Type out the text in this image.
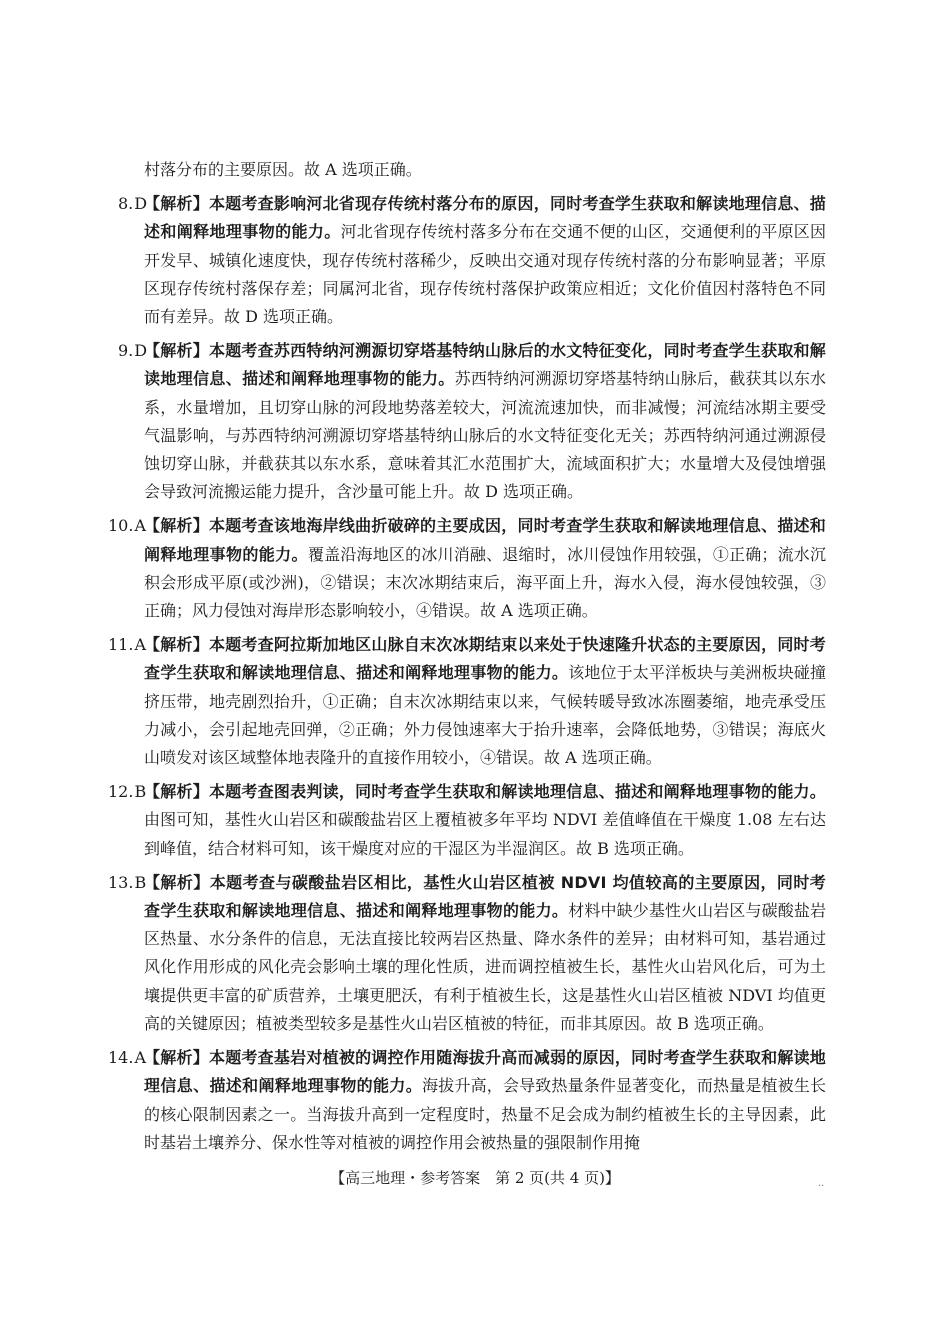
村落分布的主要原因。故 A 选项正确。
8.D
【解析】本题考查影响河北省现存传统村落分布的原因，同时考查学生获取和解读地理信息、描述和阐释地理事物的能力。河北省现存传统村落多分布在交通不便的山区，交通便利的平原区因开发早、城镇化速度快，现存传统村落稀少，反映出交通对现存传统村落的分布影响显著；平原区现存传统村落保存差；同属河北省，现存传统村落保护政策应相近；文化价值因村落特色不同而有差异。故 D 选项正确。
9.D
【解析】本题考查苏西特纳河溯源切穿塔基特纳山脉后的水文特征变化，同时考查学生获取和解读地理信息、描述和阐释地理事物的能力。苏西特纳河溯源切穿塔基特纳山脉后，截获其以东水系，水量增加，且切穿山脉的河段地势落差较大，河流流速加快，而非减慢；河流结冰期主要受气温影响，与苏西特纳河溯源切穿塔基特纳山脉后的水文特征变化无关；苏西特纳河通过溯源侵蚀切穿山脉，并截获其以东水系，意味着其汇水范围扩大，流域面积扩大；水量增大及侵蚀增强会导致河流搬运能力提升，含沙量可能上升。故 D 选项正确。
10.A
【解析】本题考查该地海岸线曲折破碎的主要成因，同时考查学生获取和解读地理信息、描述和阐释地理事物的能力。覆盖沿海地区的冰川消融、退缩时，冰川侵蚀作用较强，①正确；流水沉积会形成平原(或沙洲)，②错误；末次冰期结束后，海平面上升，海水入侵，海水侵蚀较强，③正确；风力侵蚀对海岸形态影响较小，④错误。故 A 选项正确。
11.A
【解析】本题考查阿拉斯加地区山脉自末次冰期结束以来处于快速隆升状态的主要原因，同时考查学生获取和解读地理信息、描述和阐释地理事物的能力。该地位于太平洋板块与美洲板块碰撞挤压带，地壳剧烈抬升，①正确；自末次冰期结束以来，气候转暖导致冰冻圈萎缩，地壳承受压力减小，会引起地壳回弹，②正确；外力侵蚀速率大于抬升速率，会降低地势，③错误；海底火山喷发对该区域整体地表隆升的直接作用较小，④错误。故 A 选项正确。
12.B
【解析】本题考查图表判读，同时考查学生获取和解读地理信息、描述和阐释地理事物的能力。由图可知，基性火山岩区和碳酸盐岩区上覆植被多年平均 NDVI 差值峰值在干燥度 1.08 左右达到峰值，结合材料可知，该干燥度对应的干湿区为半湿润区。故 B 选项正确。
13.B
【解析】本题考查与碳酸盐岩区相比，基性火山岩区植被 NDVI 均值较高的主要原因，同时考查学生获取和解读地理信息、描述和阐释地理事物的能力。材料中缺少基性火山岩区与碳酸盐岩区热量、水分条件的信息，无法直接比较两岩区热量、降水条件的差异；由材料可知，基岩通过风化作用形成的风化壳会影响土壤的理化性质，进而调控植被生长，基性火山岩风化后，可为土壤提供更丰富的矿质营养，土壤更肥沃，有利于植被生长，这是基性火山岩区植被 NDVI 均值更高的关键原因；植被类型较多是基性火山岩区植被的特征，而非其原因。故 B 选项正确。
14.A
【解析】本题考查基岩对植被的调控作用随海拔升高而减弱的原因，同时考查学生获取和解读地理信息、描述和阐释地理事物的能力。海拔升高，会导致热量条件显著变化，而热量是植被生长的核心限制因素之一。当海拔升高到一定程度时，热量不足会成为制约植被生长的主导因素，此时基岩土壤养分、保水性等对植被的调控作用会被热量的强限制作用掩
【高三地理・参考答案　第 2 页(共 4 页)】	..
